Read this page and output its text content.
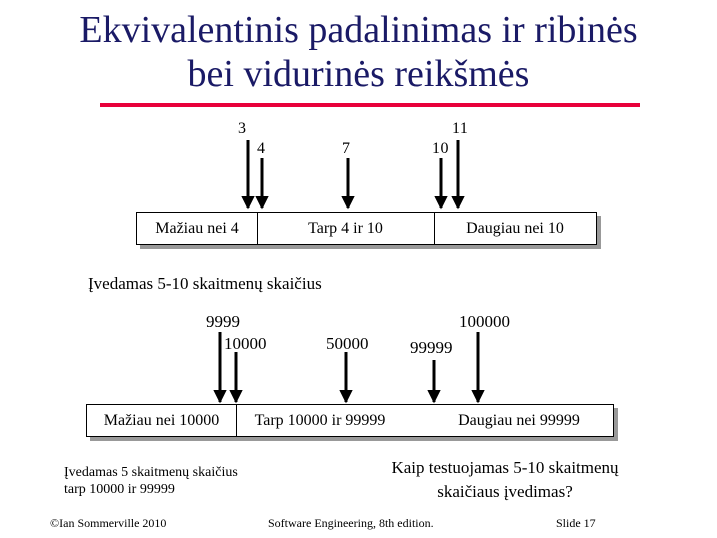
Ekvivalentinis padalinimas ir ribinės
bei vidurinės reikšmės
3
4	7
11
10
Mažiau nei 4	Tarp 4 ir 10	Daugiau nei 10
Įvedamas 5-10 skaitmenų skaičius
9999
10000	50000
100000
99999
Mažiau nei 10000	Tarp 10000 ir 99999	Daugiau nei 99999
Įvedamas 5 skaitmenų skaičius tarp 10000 ir 99999
Kaip testuojamas 5-10 skaitmenų skaičiaus įvedimas?
©Ian Sommerville 2010	Software Engineering, 8th edition.	Slide 17
